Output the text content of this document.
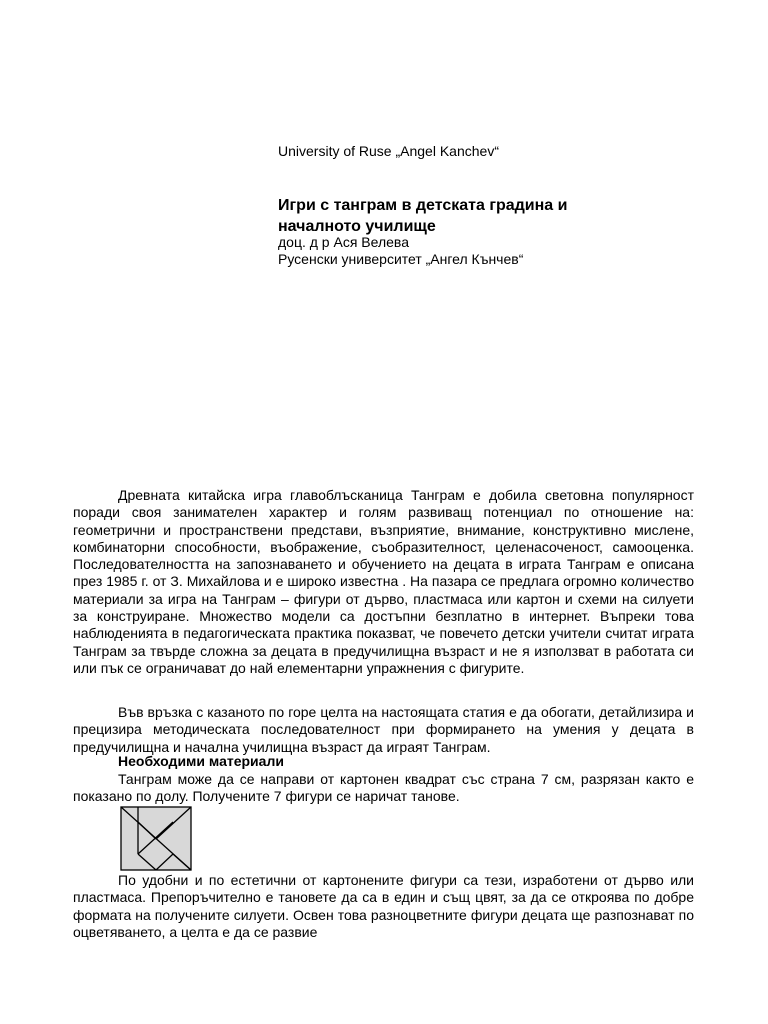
University of Ruse „Angel Kanchev“
Игри с танграм в детската градина и
началното училище
доц. д р Ася Велева
Русенски университет „Ангел Кънчев“
Древната китайска игра главоблъсканица Танграм е добила световна популярност поради своя занимателен характер и голям развиващ потенциал по отношение на: геометрични и пространствени представи, възприятие, внимание, конструктивно мислене, комбинаторни способности, въображение, съобразителност, целенасоченост, самооценка. Последователността на запознаването и обучението на децата в играта Танграм е описана през 1985 г. от З. Михайлова и е широко известна . На пазара се предлага огромно количество материали за игра на Танграм – фигури от дърво, пластмаса или картон и схеми на силуети за конструиране. Множество модели са достъпни безплатно в интернет. Въпреки това наблюденията в педагогическата практика показват, че повечето детски учители считат играта Танграм за твърде сложна за децата в предучилищна възраст и не я използват в работата си или пък се ограничават до най елементарни упражнения с фигурите.
Във връзка с казаното по горе целта на настоящата статия е да обогати, детайлизира и прецизира методическата последователност при формирането на умения у децата в предучилищна и начална училищна възраст да играят Танграм.
Необходими материали
Танграм може да се направи от картонен квадрат със страна 7 см, разрязан както е показано по долу. Получените 7 фигури се наричат танове.
По удобни и по естетични от картонените фигури са тези, изработени от дърво или пластмаса. Препоръчително е тановете да са в един и същ цвят, за да се откроява по добре формата на получените силуети. Освен това разноцветните фигури децата ще разпознават по оцветяването, а целта е да се развие
